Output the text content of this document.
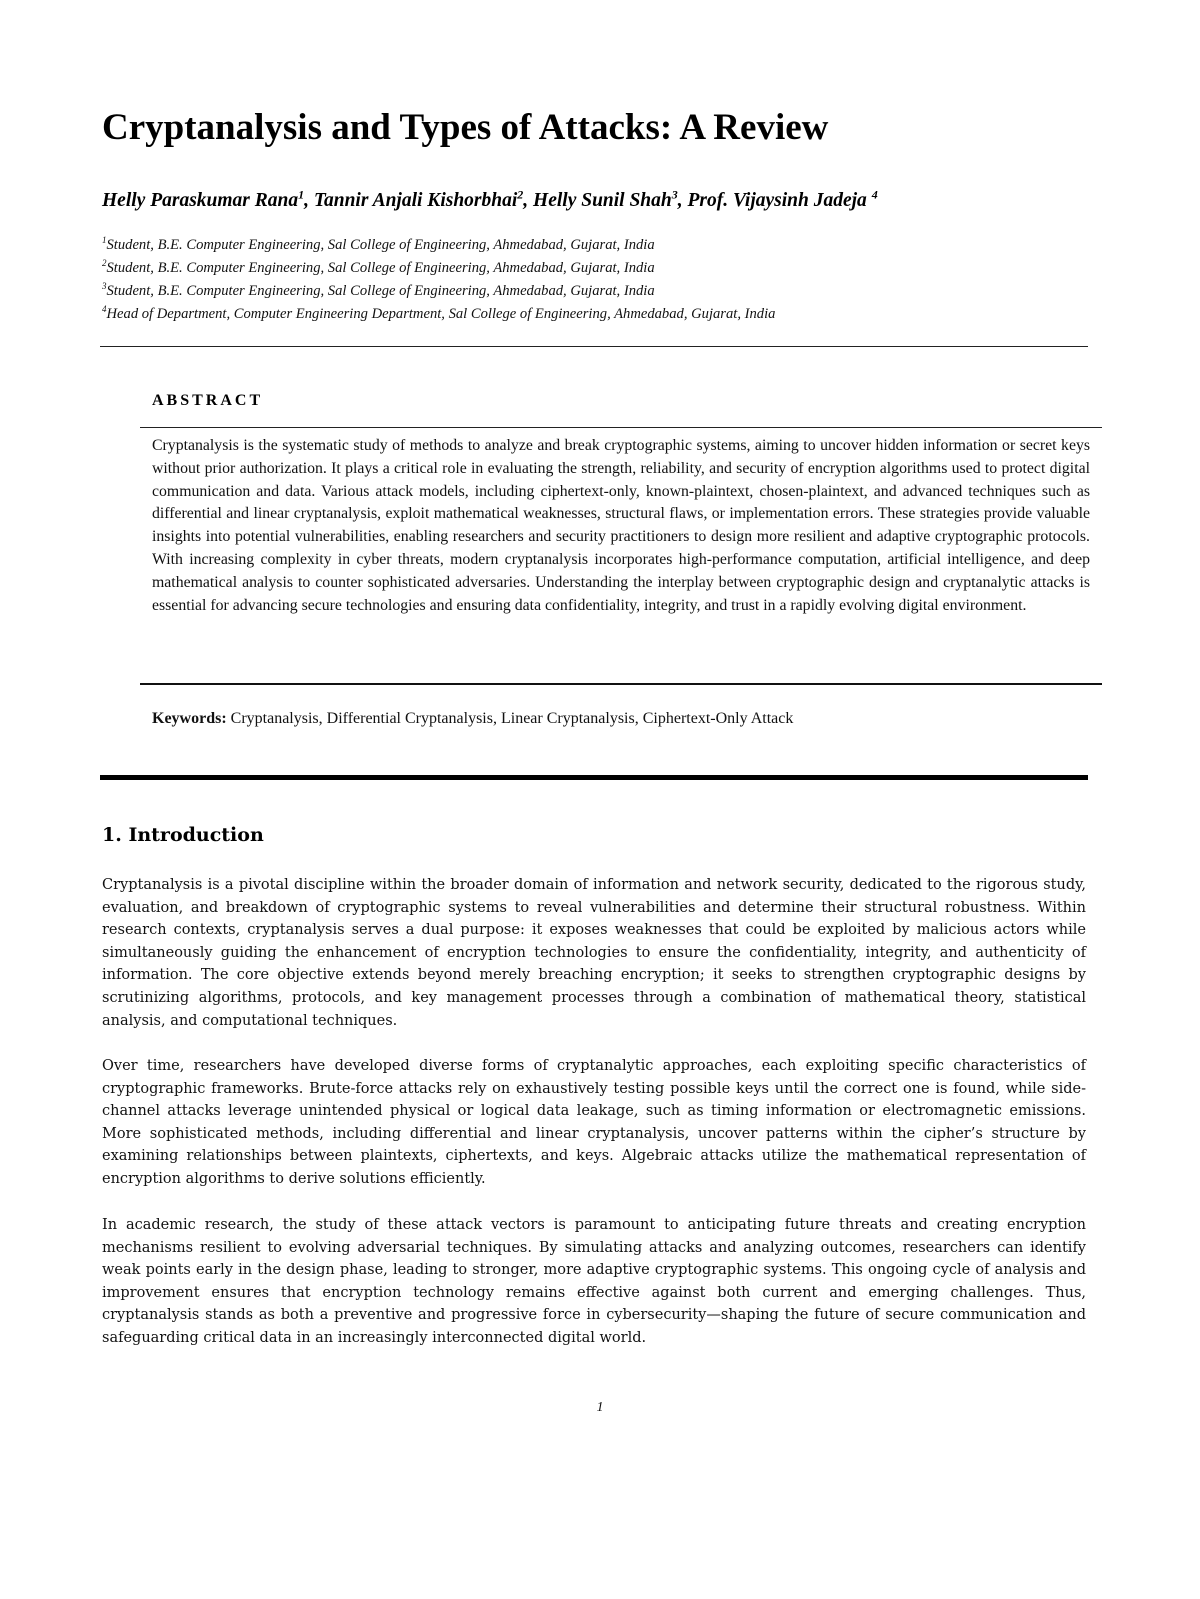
Cryptanalysis and Types of Attacks: A Review
Helly Paraskumar Rana$^1$, Tannir Anjali Kishorbhai$^2$, Helly Sunil Shah$^3$, Prof. Vijaysinh Jadeja $^4$
$^1$Student, B.E. Computer Engineering, Sal College of Engineering, Ahmedabad, Gujarat, India
$^2$Student, B.E. Computer Engineering, Sal College of Engineering, Ahmedabad, Gujarat, India
$^3$Student, B.E. Computer Engineering, Sal College of Engineering, Ahmedabad, Gujarat, India
$^4$Head of Department, Computer Engineering Department, Sal College of Engineering, Ahmedabad, Gujarat, India
ABSTRACT

Cryptanalysis is the systematic study of methods to analyze and break cryptographic systems, aiming to uncover hidden information or secret keys without prior authorization. It plays a critical role in evaluating the strength, reliability, and security of encryption algorithms used to protect digital communication and data. Various attack models, including ciphertext-only, known-plaintext, chosen-plaintext, and advanced techniques such as differential and linear cryptanalysis, exploit mathematical weaknesses, structural flaws, or implementation errors. These strategies provide valuable insights into potential vulnerabilities, enabling researchers and security practitioners to design more resilient and adaptive cryptographic protocols. With increasing complexity in cyber threats, modern cryptanalysis incorporates high-performance computation, artificial intelligence, and deep mathematical analysis to counter sophisticated adversaries. Understanding the interplay between cryptographic design and cryptanalytic attacks is essential for advancing secure technologies and ensuring data confidentiality, integrity, and trust in a rapidly evolving digital environment.

Keywords: Cryptanalysis, Differential Cryptanalysis, Linear Cryptanalysis, Ciphertext-Only Attack
1. Introduction

Cryptanalysis is a pivotal discipline within the broader domain of information and network security, dedicated to the rigorous study, evaluation, and breakdown of cryptographic systems to reveal vulnerabilities and determine their structural robustness. Within research contexts, cryptanalysis serves a dual purpose: it exposes weaknesses that could be exploited by malicious actors while simultaneously guiding the enhancement of encryption technologies to ensure the confidentiality, integrity, and authenticity of information. The core objective extends beyond merely breaching encryption; it seeks to strengthen cryptographic designs by scrutinizing algorithms, protocols, and key management processes through a combination of mathematical theory, statistical analysis, and computational techniques.

Over time, researchers have developed diverse forms of cryptanalytic approaches, each exploiting specific characteristics of cryptographic frameworks. Brute-force attacks rely on exhaustively testing possible keys until the correct one is found, while side-channel attacks leverage unintended physical or logical data leakage, such as timing information or electromagnetic emissions. More sophisticated methods, including differential and linear cryptanalysis, uncover patterns within the cipher’s structure by examining relationships between plaintexts, ciphertexts, and keys. Algebraic attacks utilize the mathematical representation of encryption algorithms to derive solutions efficiently.

In academic research, the study of these attack vectors is paramount to anticipating future threats and creating encryption mechanisms resilient to evolving adversarial techniques. By simulating attacks and analyzing outcomes, researchers can identify weak points early in the design phase, leading to stronger, more adaptive cryptographic systems. This ongoing cycle of analysis and improvement ensures that encryption technology remains effective against both current and emerging challenges. Thus, cryptanalysis stands as both a preventive and progressive force in cybersecurity—shaping the future of secure communication and safeguarding critical data in an increasingly interconnected digital world.

1
